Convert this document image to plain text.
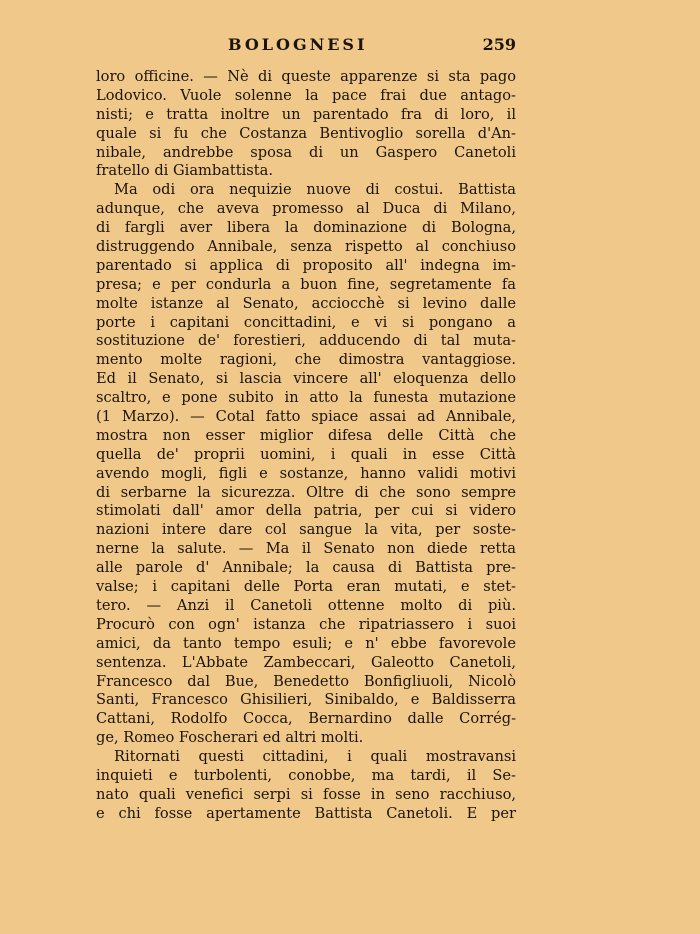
BOLOGNESI	259
loro officine. — Nè di queste apparenze si sta pago
Lodovico. Vuole solenne la pace frai due antago-
nisti; e tratta inoltre un parentado fra di loro, il
quale si fu che Costanza Bentivoglio sorella d'An-
nibale, andrebbe sposa di un Gaspero Canetoli
fratello di Giambattista.
Ma odi ora nequizie nuove di costui. Battista
adunque, che aveva promesso al Duca di Milano,
di fargli aver libera la dominazione di Bologna,
distruggendo Annibale, senza rispetto al conchiuso
parentado si applica di proposito all' indegna im-
presa; e per condurla a buon fine, segretamente fa
molte istanze al Senato, acciocchè si levino dalle
porte i capitani concittadini, e vi si pongano a
sostituzione de' forestieri, adducendo di tal muta-
mento molte ragioni, che dimostra vantaggiose.
Ed il Senato, si lascia vincere all' eloquenza dello
scaltro, e pone subito in atto la funesta mutazione
(1 Marzo). — Cotal fatto spiace assai ad Annibale,
mostra non esser miglior difesa delle Città che
quella de' proprii uomini, i quali in esse Città
avendo mogli, figli e sostanze, hanno validi motivi
di serbarne la sicurezza. Oltre di che sono sempre
stimolati dall' amor della patria, per cui si videro
nazioni intere dare col sangue la vita, per soste-
nerne la salute. — Ma il Senato non diede retta
alle parole d' Annibale; la causa di Battista pre-
valse; i capitani delle Porta eran mutati, e stet-
tero. — Anzi il Canetoli ottenne molto di più.
Procurò con ogn' istanza che ripatriassero i suoi
amici, da tanto tempo esuli; e n' ebbe favorevole
sentenza. L'Abbate Zambeccari, Galeotto Canetoli,
Francesco dal Bue, Benedetto Bonfigliuoli, Nicolò
Santi, Francesco Ghisilieri, Sinibaldo, e Baldisserra
Cattani, Rodolfo Cocca, Bernardino dalle Corrég-
ge, Romeo Foscherari ed altri molti.
Ritornati questi cittadini, i quali mostravansi
inquieti e turbolenti, conobbe, ma tardi, il Se-
nato quali venefici serpi si fosse in seno racchiuso,
e chi fosse apertamente Battista Canetoli. E per
